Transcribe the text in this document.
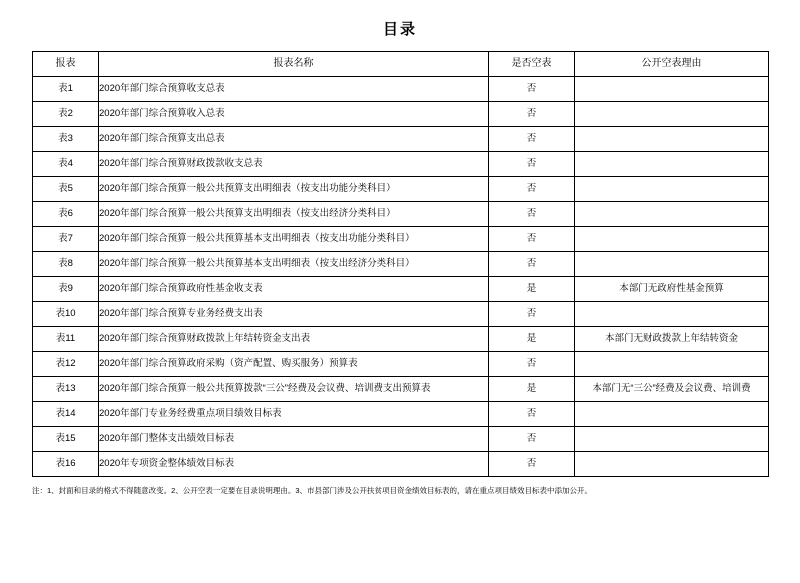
目录
报表	报表名称	是否空表	公开空表理由
表1	2020年部门综合预算收支总表	否	
表2	2020年部门综合预算收入总表	否	
表3	2020年部门综合预算支出总表	否	
表4	2020年部门综合预算财政拨款收支总表	否	
表5	2020年部门综合预算一般公共预算支出明细表（按支出功能分类科目）	否	
表6	2020年部门综合预算一般公共预算支出明细表（按支出经济分类科目）	否	
表7	2020年部门综合预算一般公共预算基本支出明细表（按支出功能分类科目）	否	
表8	2020年部门综合预算一般公共预算基本支出明细表（按支出经济分类科目）	否	
表9	2020年部门综合预算政府性基金收支表	是	本部门无政府性基金预算
表10	2020年部门综合预算专业务经费支出表	否	
表11	2020年部门综合预算财政拨款上年结转资金支出表	是	本部门无财政拨款上年结转资金
表12	2020年部门综合预算政府采购（资产配置、购买服务）预算表	否	
表13	2020年部门综合预算一般公共预算拨款“三公”经费及会议费、培训费支出预算表	是	本部门无“三公”经费及会议费、培训费
表14	2020年部门专业务经费重点项目绩效目标表	否	
表15	2020年部门整体支出绩效目标表	否	
表16	2020年专项资金整体绩效目标表	否	
注：1、封面和目录的格式不得随意改变。2、公开空表一定要在目录说明理由。3、市县部门涉及公开扶贫项目资金绩效目标表的，请在重点项目绩效目标表中添加公开。
